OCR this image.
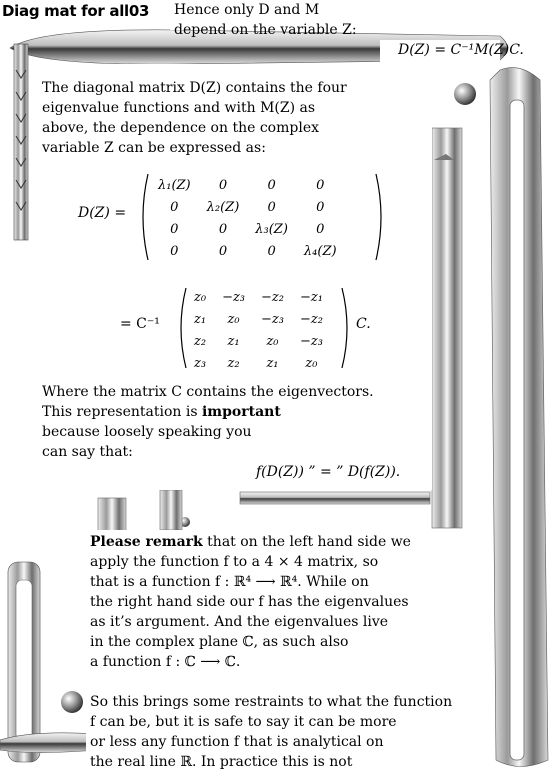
Diag mat for all03 Hence only D and M
depend on the variable Z:
D(Z) = C⁻¹M(Z)C.
The diagonal matrix D(Z) contains the four
eigenvalue functions and with M(Z) as
above, the dependence on the complex
variable Z can be expressed as:
D(Z) =
λ₁(Z)	0	0	0
0	λ₂(Z)	0	0
0	0	λ₃(Z)	0
0	0	0	λ₄(Z)
= C⁻¹
z₀	−z₃	−z₂	−z₁
z₁	z₀	−z₃	−z₂
z₂	z₁	z₀	−z₃
z₃	z₂	z₁	z₀
C.
Where the matrix C contains the eigenvectors.
This representation is important
because loosely speaking you
can say that:
f(D(Z)) ” = ” D(f(Z)).
Please remark that on the left hand side we
apply the function f to a 4 × 4 matrix, so
that is a function f : ℝ⁴ ⟶ ℝ⁴. While on
the right hand side our f has the eigenvalues
as it’s argument. And the eigenvalues live
in the complex plane ℂ, as such also
a function f : ℂ ⟶ ℂ.
So this brings some restraints to what the function
f can be, but it is safe to say it can be more
or less any function f that is analytical on
the real line ℝ. In practice this is not
